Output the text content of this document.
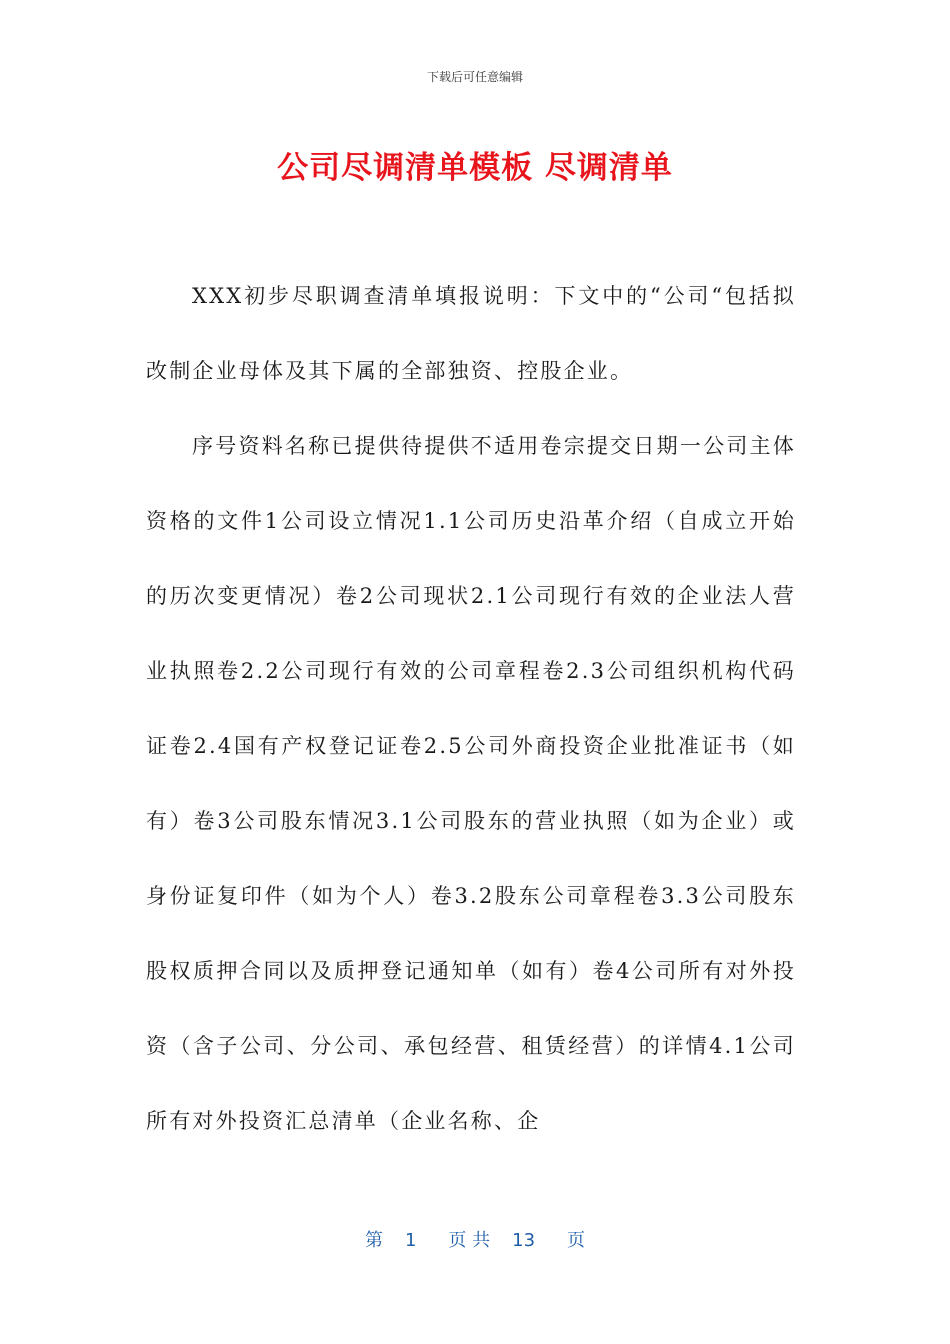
下载后可任意编辑
公司尽调清单模板 尽调清单

XXX初步尽职调查清单填报说明：下文中的“公司“包括拟改制企业母体及其下属的全部独资、控股企业。

序号资料名称已提供待提供不适用卷宗提交日期一公司主体资格的文件1公司设立情况1.1公司历史沿革介绍（自成立开始的历次变更情况）卷2公司现状2.1公司现行有效的企业法人营业执照卷2.2公司现行有效的公司章程卷2.3公司组织机构代码证卷2.4国有产权登记证卷2.5公司外商投资企业批准证书（如有）卷3公司股东情况3.1公司股东的营业执照（如为企业）或身份证复印件（如为个人）卷3.2股东公司章程卷3.3公司股东股权质押合同以及质押登记通知单（如有）卷4公司所有对外投资（含子公司、分公司、承包经营、租赁经营）的详情4.1公司所有对外投资汇总清单（企业名称、企

第 1 页 共 13 页
